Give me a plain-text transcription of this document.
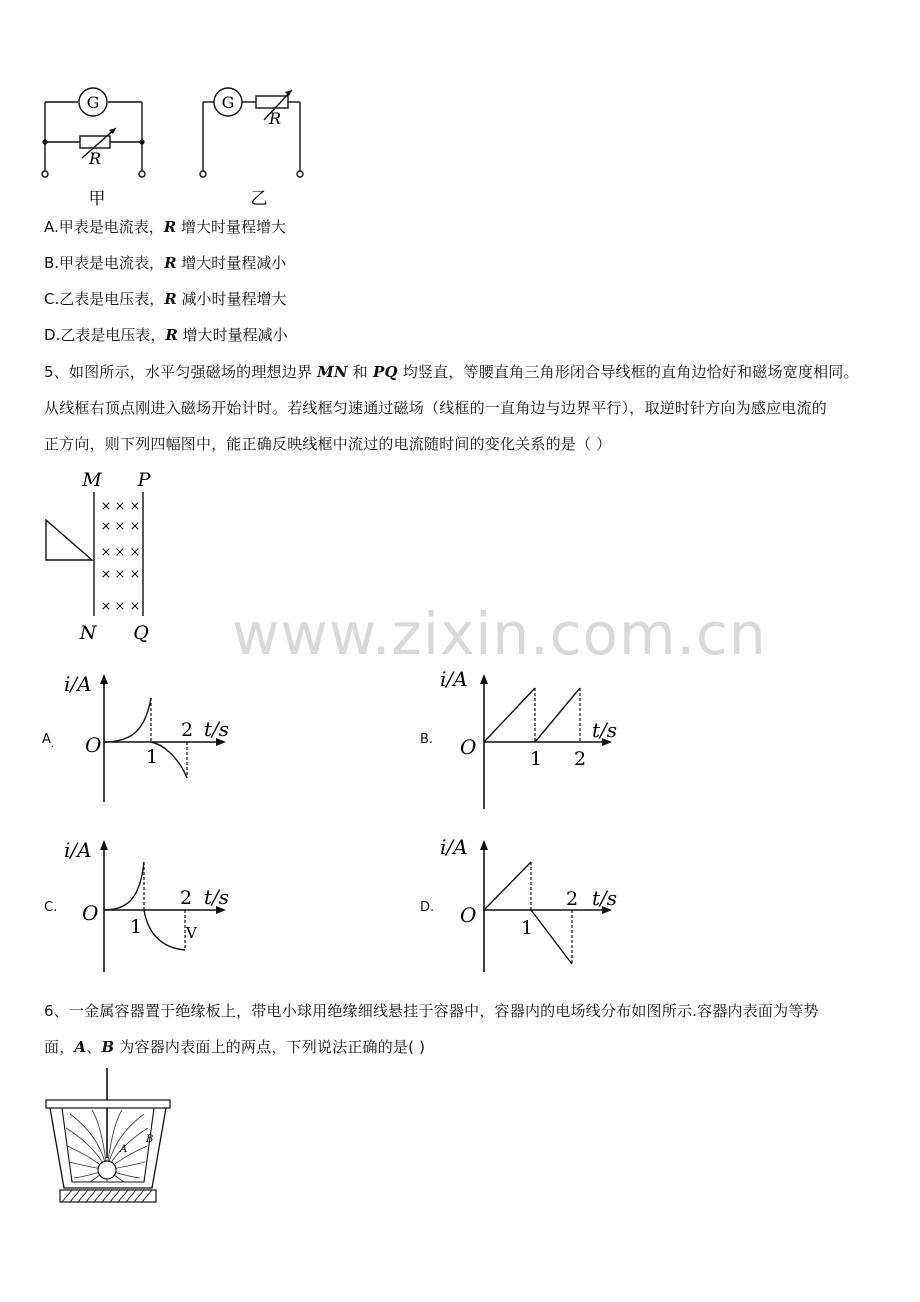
G
R
甲
G
R
乙
A.甲表是电流表，R 增大时量程增大
B.甲表是电流表，R 增大时量程减小
C.乙表是电压表，R 减小时量程增大
D.乙表是电压表，R 增大时量程减小
5、如图所示，水平匀强磁场的理想边界 MN 和 PQ 均竖直，等腰直角三角形闭合导线框的直角边恰好和磁场宽度相同。
从线框右顶点刚进入磁场开始计时。若线框匀速通过磁场（线框的一直角边与边界平行），取逆时针方向为感应电流的
正方向，则下列四幅图中，能正确反映线框中流过的电流随时间的变化关系的是（ ）
M P
× × ×
× × ×
× × ×
× × ×
× × ×
N Q www.zixin.com.cn
$A_.$
i/A
t/s
O 1
2	B.
i/A
t/s
O	1 2
C.
i/A
t/s
O
1
2
V
D.
i/A
t/s
O
1
2
6、一金属容器置于绝缘板上，带电小球用绝缘细线悬挂于容器中，容器内的电场线分布如图所示.容器内表面为等势
面，A、B 为容器内表面上的两点，下列说法正确的是( )
A
B
